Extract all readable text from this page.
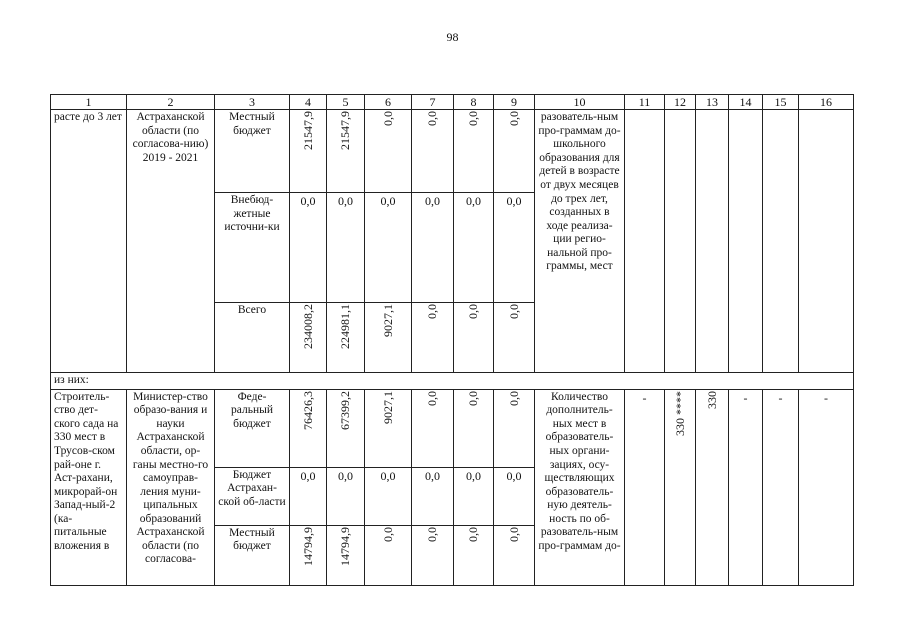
98
1	2	3	4	5	6	7	8	9	10	11	12	13	14	15	16
расте до 3 лет	Астраханской области (по согласова-нию) 2019 - 2021	Местный бюджет	21547,9	21547,9	0,0	0,0	0,0	0,0	разователь-ным про-граммам до-школьного образования для детей в возрасте от двух месяцев до трех лет, созданных в ходе реализа-ции регио-нальной про-граммы, мест						
		Внебюд-жетные источни-ки	0,0	0,0	0,0	0,0	0,0	0,0							
		Всего	234008,2	224981,1	9027,1	0,0	0,0	0,0							
из них:															
Строитель-ство дет-ского сада на 330 мест в Трусов-ском рай-оне г. Аст-рахани, микрорай-он Запад-ный-2 (ка-питальные вложения в	Министер-ство образо-вания и науки Астраханской области, ор-ганы местно-го самоуправ-ления муни-ципальных образований Астраханской области (по согласова-	Феде-ральный бюджет	76426,3	67399,2	9027,1	0,0	0,0	0,0	Количество дополнитель-ных мест в образователь-ных органи-зациях, осу-ществляющих образователь-ную деятель-ность по об-разователь-ным про-граммам до-	-	330 ****	330	-	-	-
		Бюджет Астрахан-ской об-ласти	0,0	0,0	0,0	0,0	0,0	0,0							
		Местный бюджет	14794,9	14794,9	0,0	0,0	0,0	0,0							
